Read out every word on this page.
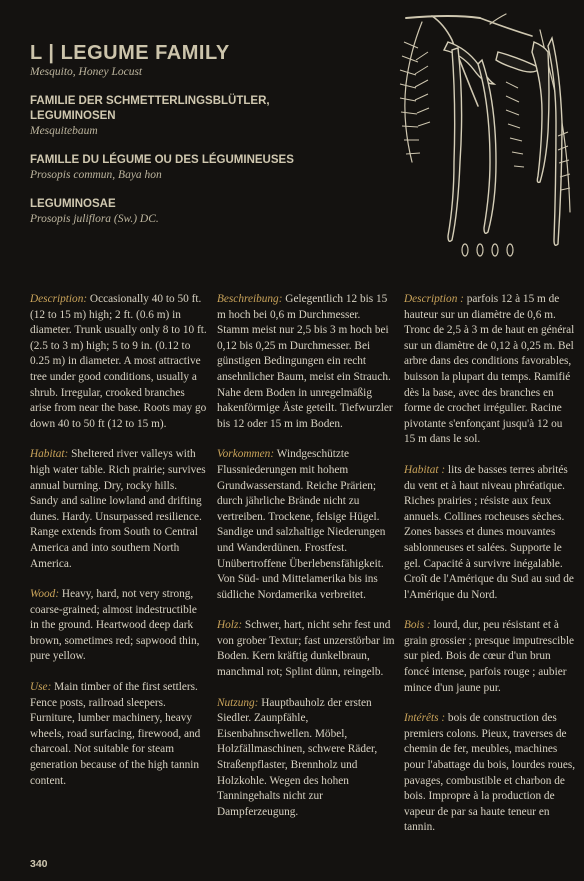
L | LEGUME FAMILY

Mesquito, Honey Locust

FAMILIE DER SCHMETTERLINGSBLÜTLER,

LEGUMINOSEN

Mesquitebaum

FAMILLE DU LÉGUME OU DES LÉGUMINEUSES

Prosopis commun, Baya hon

LEGUMINOSAE

Prosopis juliflora (Sw.) DC.

Description: Occasionally 40 to 50 ft. (12 to 15 m) high; 2 ft. (0.6 m) in diameter. Trunk usually only 8 to 10 ft. (2.5 to 3 m) high; 5 to 9 in. (0.12 to 0.25 m) in diameter. A most attractive tree under good conditions, usually a shrub. Irregular, crooked branches arise from near the base. Roots may go down 40 to 50 ft (12 to 15 m).

Habitat: Sheltered river valleys with high water table. Rich prairie; survives annual burning. Dry, rocky hills. Sandy and saline lowland and drifting dunes. Hardy. Unsurpassed resilience. Range extends from South to Central America and into southern North America.

Wood: Heavy, hard, not very strong, coarse-grained; almost indestructible in the ground. Heartwood deep dark brown, sometimes red; sapwood thin, pure yellow.

Use: Main timber of the first settlers. Fence posts, railroad sleepers. Furniture, lumber machinery, heavy wheels, road surfacing, firewood, and charcoal. Not suitable for steam generation because of the high tannin content.

Beschreibung: Gelegentlich 12 bis 15 m hoch bei 0,6 m Durchmesser. Stamm meist nur 2,5 bis 3 m hoch bei 0,12 bis 0,25 m Durchmesser. Bei günstigen Bedingungen ein recht ansehnlicher Baum, meist ein Strauch. Nahe dem Boden in unregelmäßig hakenförmige Äste geteilt. Tiefwurzler bis 12 oder 15 m im Boden.

Vorkommen: Windgeschützte Flussniederungen mit hohem Grundwasserstand. Reiche Prärien; durch jährliche Brände nicht zu vertreiben. Trockene, felsige Hügel. Sandige und salzhaltige Niederungen und Wanderdünen. Frostfest. Unübertroffene Überlebensfähigkeit. Von Süd- und Mittelamerika bis ins südliche Nordamerika verbreitet.

Holz: Schwer, hart, nicht sehr fest und von grober Textur; fast unzerstörbar im Boden. Kern kräftig dunkelbraun, manchmal rot; Splint dünn, reingelb.

Nutzung: Hauptbauholz der ersten Siedler. Zaunpfähle, Eisenbahnschwellen. Möbel, Holzfällmaschinen, schwere Räder, Straßenpflaster, Brennholz und Holzkohle. Wegen des hohen Tanningehalts nicht zur Dampferzeugung.

Description : parfois 12 à 15 m de hauteur sur un diamètre de 0,6 m. Tronc de 2,5 à 3 m de haut en général sur un diamètre de 0,12 à 0,25 m. Bel arbre dans des conditions favorables, buisson la plupart du temps. Ramifié dès la base, avec des branches en forme de crochet irrégulier. Racine pivotante s'enfonçant jusqu'à 12 ou 15 m dans le sol.

Habitat : lits de basses terres abrités du vent et à haut niveau phréatique. Riches prairies ; résiste aux feux annuels. Collines rocheuses sèches. Zones basses et dunes mouvantes sablonneuses et salées. Supporte le gel. Capacité à survivre inégalable. Croît de l'Amérique du Sud au sud de l'Amérique du Nord.

Bois : lourd, dur, peu résistant et à grain grossier ; presque imputrescible sur pied. Bois de cœur d'un brun foncé intense, parfois rouge ; aubier mince d'un jaune pur.

Intérêts : bois de construction des premiers colons. Pieux, traverses de chemin de fer, meubles, machines pour l'abattage du bois, lourdes roues, pavages, combustible et charbon de bois. Impropre à la production de vapeur de par sa haute teneur en tannin.

340
